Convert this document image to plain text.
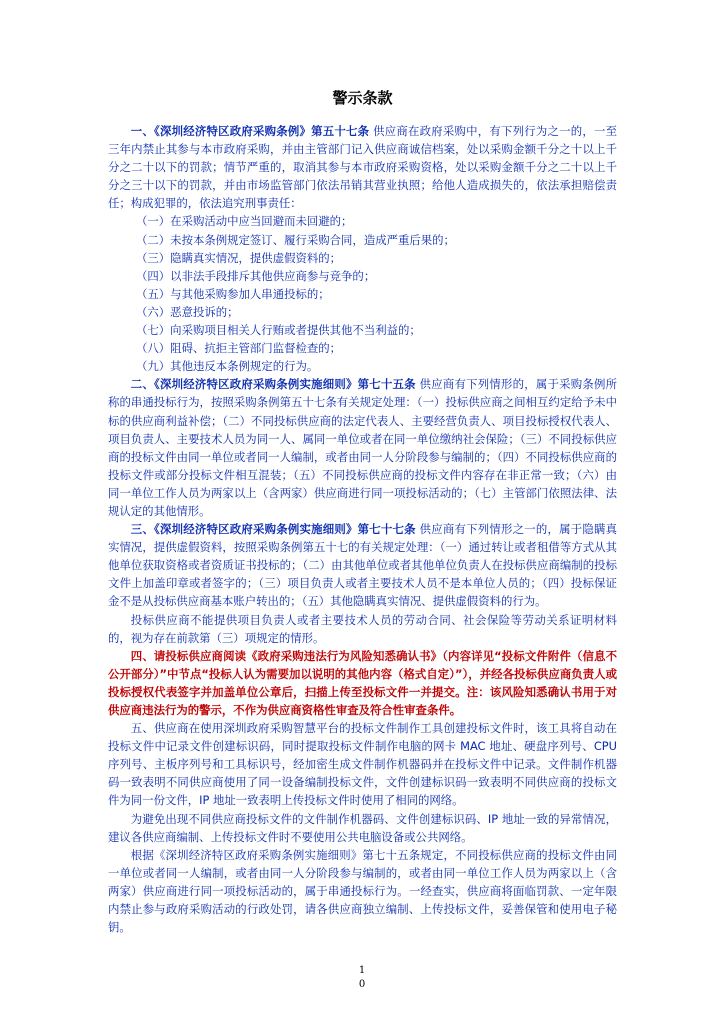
警示条款

一、《深圳经济特区政府采购条例》第五十七条 供应商在政府采购中，有下列行为之一的，一至三年内禁止其参与本市政府采购，并由主管部门记入供应商诚信档案，处以采购金额千分之十以上千分之二十以下的罚款；情节严重的，取消其参与本市政府采购资格，处以采购金额千分之二十以上千分之三十以下的罚款，并由市场监管部门依法吊销其营业执照；给他人造成损失的，依法承担赔偿责任；构成犯罪的，依法追究刑事责任：

（一）在采购活动中应当回避而未回避的；

（二）未按本条例规定签订、履行采购合同，造成严重后果的；

（三）隐瞒真实情况，提供虚假资料的；

（四）以非法手段排斥其他供应商参与竞争的；

（五）与其他采购参加人串通投标的；

（六）恶意投诉的；

（七）向采购项目相关人行贿或者提供其他不当利益的；

（八）阻碍、抗拒主管部门监督检查的；

（九）其他违反本条例规定的行为。

二、《深圳经济特区政府采购条例实施细则》第七十五条 供应商有下列情形的，属于采购条例所称的串通投标行为，按照采购条例第五十七条有关规定处理：（一）投标供应商之间相互约定给予未中标的供应商利益补偿；（二）不同投标供应商的法定代表人、主要经营负责人、项目投标授权代表人、项目负责人、主要技术人员为同一人、属同一单位或者在同一单位缴纳社会保险；（三）不同投标供应商的投标文件由同一单位或者同一人编制，或者由同一人分阶段参与编制的；（四）不同投标供应商的投标文件或部分投标文件相互混装；（五）不同投标供应商的投标文件内容存在非正常一致；（六）由同一单位工作人员为两家以上（含两家）供应商进行同一项投标活动的；（七）主管部门依照法律、法规认定的其他情形。

三、《深圳经济特区政府采购条例实施细则》第七十七条 供应商有下列情形之一的，属于隐瞒真实情况，提供虚假资料，按照采购条例第五十七的有关规定处理：（一）通过转让或者租借等方式从其他单位获取资格或者资质证书投标的；（二）由其他单位或者其他单位负责人在投标供应商编制的投标文件上加盖印章或者签字的；（三）项目负责人或者主要技术人员不是本单位人员的；（四）投标保证金不是从投标供应商基本账户转出的；（五）其他隐瞒真实情况、提供虚假资料的行为。

投标供应商不能提供项目负责人或者主要技术人员的劳动合同、社会保险等劳动关系证明材料的，视为存在前款第（三）项规定的情形。

四、请投标供应商阅读《政府采购违法行为风险知悉确认书》（内容详见“投标文件附件（信息不公开部分）”中节点“投标人认为需要加以说明的其他内容（格式自定）”），并经各投标供应商负责人或投标授权代表签字并加盖单位公章后，扫描上传至投标文件一并提交。注：该风险知悉确认书用于对供应商违法行为的警示，不作为供应商资格性审查及符合性审查条件。

五、供应商在使用深圳政府采购智慧平台的投标文件制作工具创建投标文件时，该工具将自动在投标文件中记录文件创建标识码，同时提取投标文件制作电脑的网卡 MAC 地址、硬盘序列号、CPU 序列号、主板序列号和工具标识号，经加密生成文件制作机器码并在投标文件中记录。文件制作机器码一致表明不同供应商使用了同一设备编制投标文件，文件创建标识码一致表明不同供应商的投标文件为同一份文件，IP 地址一致表明上传投标文件时使用了相同的网络。

为避免出现不同供应商投标文件的文件制作机器码、文件创建标识码、IP 地址一致的异常情况，建议各供应商编制、上传投标文件时不要使用公共电脑设备或公共网络。

根据《深圳经济特区政府采购条例实施细则》第七十五条规定，不同投标供应商的投标文件由同一单位或者同一人编制，或者由同一人分阶段参与编制的，或者由同一单位工作人员为两家以上（含两家）供应商进行同一项投标活动的，属于串通投标行为。一经查实，供应商将面临罚款、一定年限内禁止参与政府采购活动的行政处罚，请各供应商独立编制、上传投标文件，妥善保管和使用电子秘钥。

1
0
